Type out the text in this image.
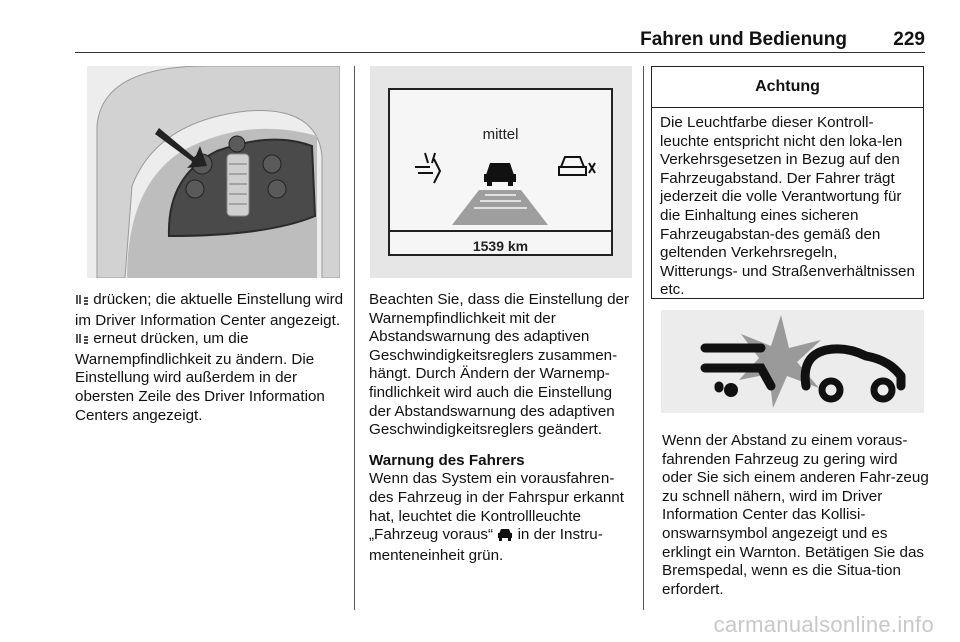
Fahren und Bedienung 229

drücken; die aktuelle Einstellung wird im Driver Information Center angezeigt.  erneut drücken, um die Warnempfindlichkeit zu ändern. Die Einstellung wird außerdem in der obersten Zeile des Driver Information Centers angezeigt.

mittel
1539 km

Beachten Sie, dass die Einstellung der Warnempfindlichkeit mit der Abstandswarnung des adaptiven Geschwindigkeitsreglers zusammen-hängt. Durch Ändern der Warnemp-findlichkeit wird auch die Einstellung der Abstandswarnung des adaptiven Geschwindigkeitsreglers geändert.

Warnung des Fahrers
Wenn das System ein vorausfahren-des Fahrzeug in der Fahrspur erkannt hat, leuchtet die Kontrollleuchte „Fahrzeug voraus“ in der Instru-menteneinheit grün.

Achtung
Die Leuchtfarbe dieser Kontroll-leuchte entspricht nicht den loka-len Verkehrsgesetzen in Bezug auf den Fahrzeugabstand. Der Fahrer trägt jederzeit die volle Verantwortung für die Einhaltung eines sicheren Fahrzeugabstan-des gemäß den geltenden Verkehrsregeln, Witterungs- und Straßenverhältnissen etc.

Wenn der Abstand zu einem voraus-fahrenden Fahrzeug zu gering wird oder Sie sich einem anderen Fahr-zeug zu schnell nähern, wird im Driver Information Center das Kollisi-onswarnsymbol angezeigt und es erklingt ein Warnton. Betätigen Sie das Bremspedal, wenn es die Situa-tion erfordert.

carmanualsonline.info
